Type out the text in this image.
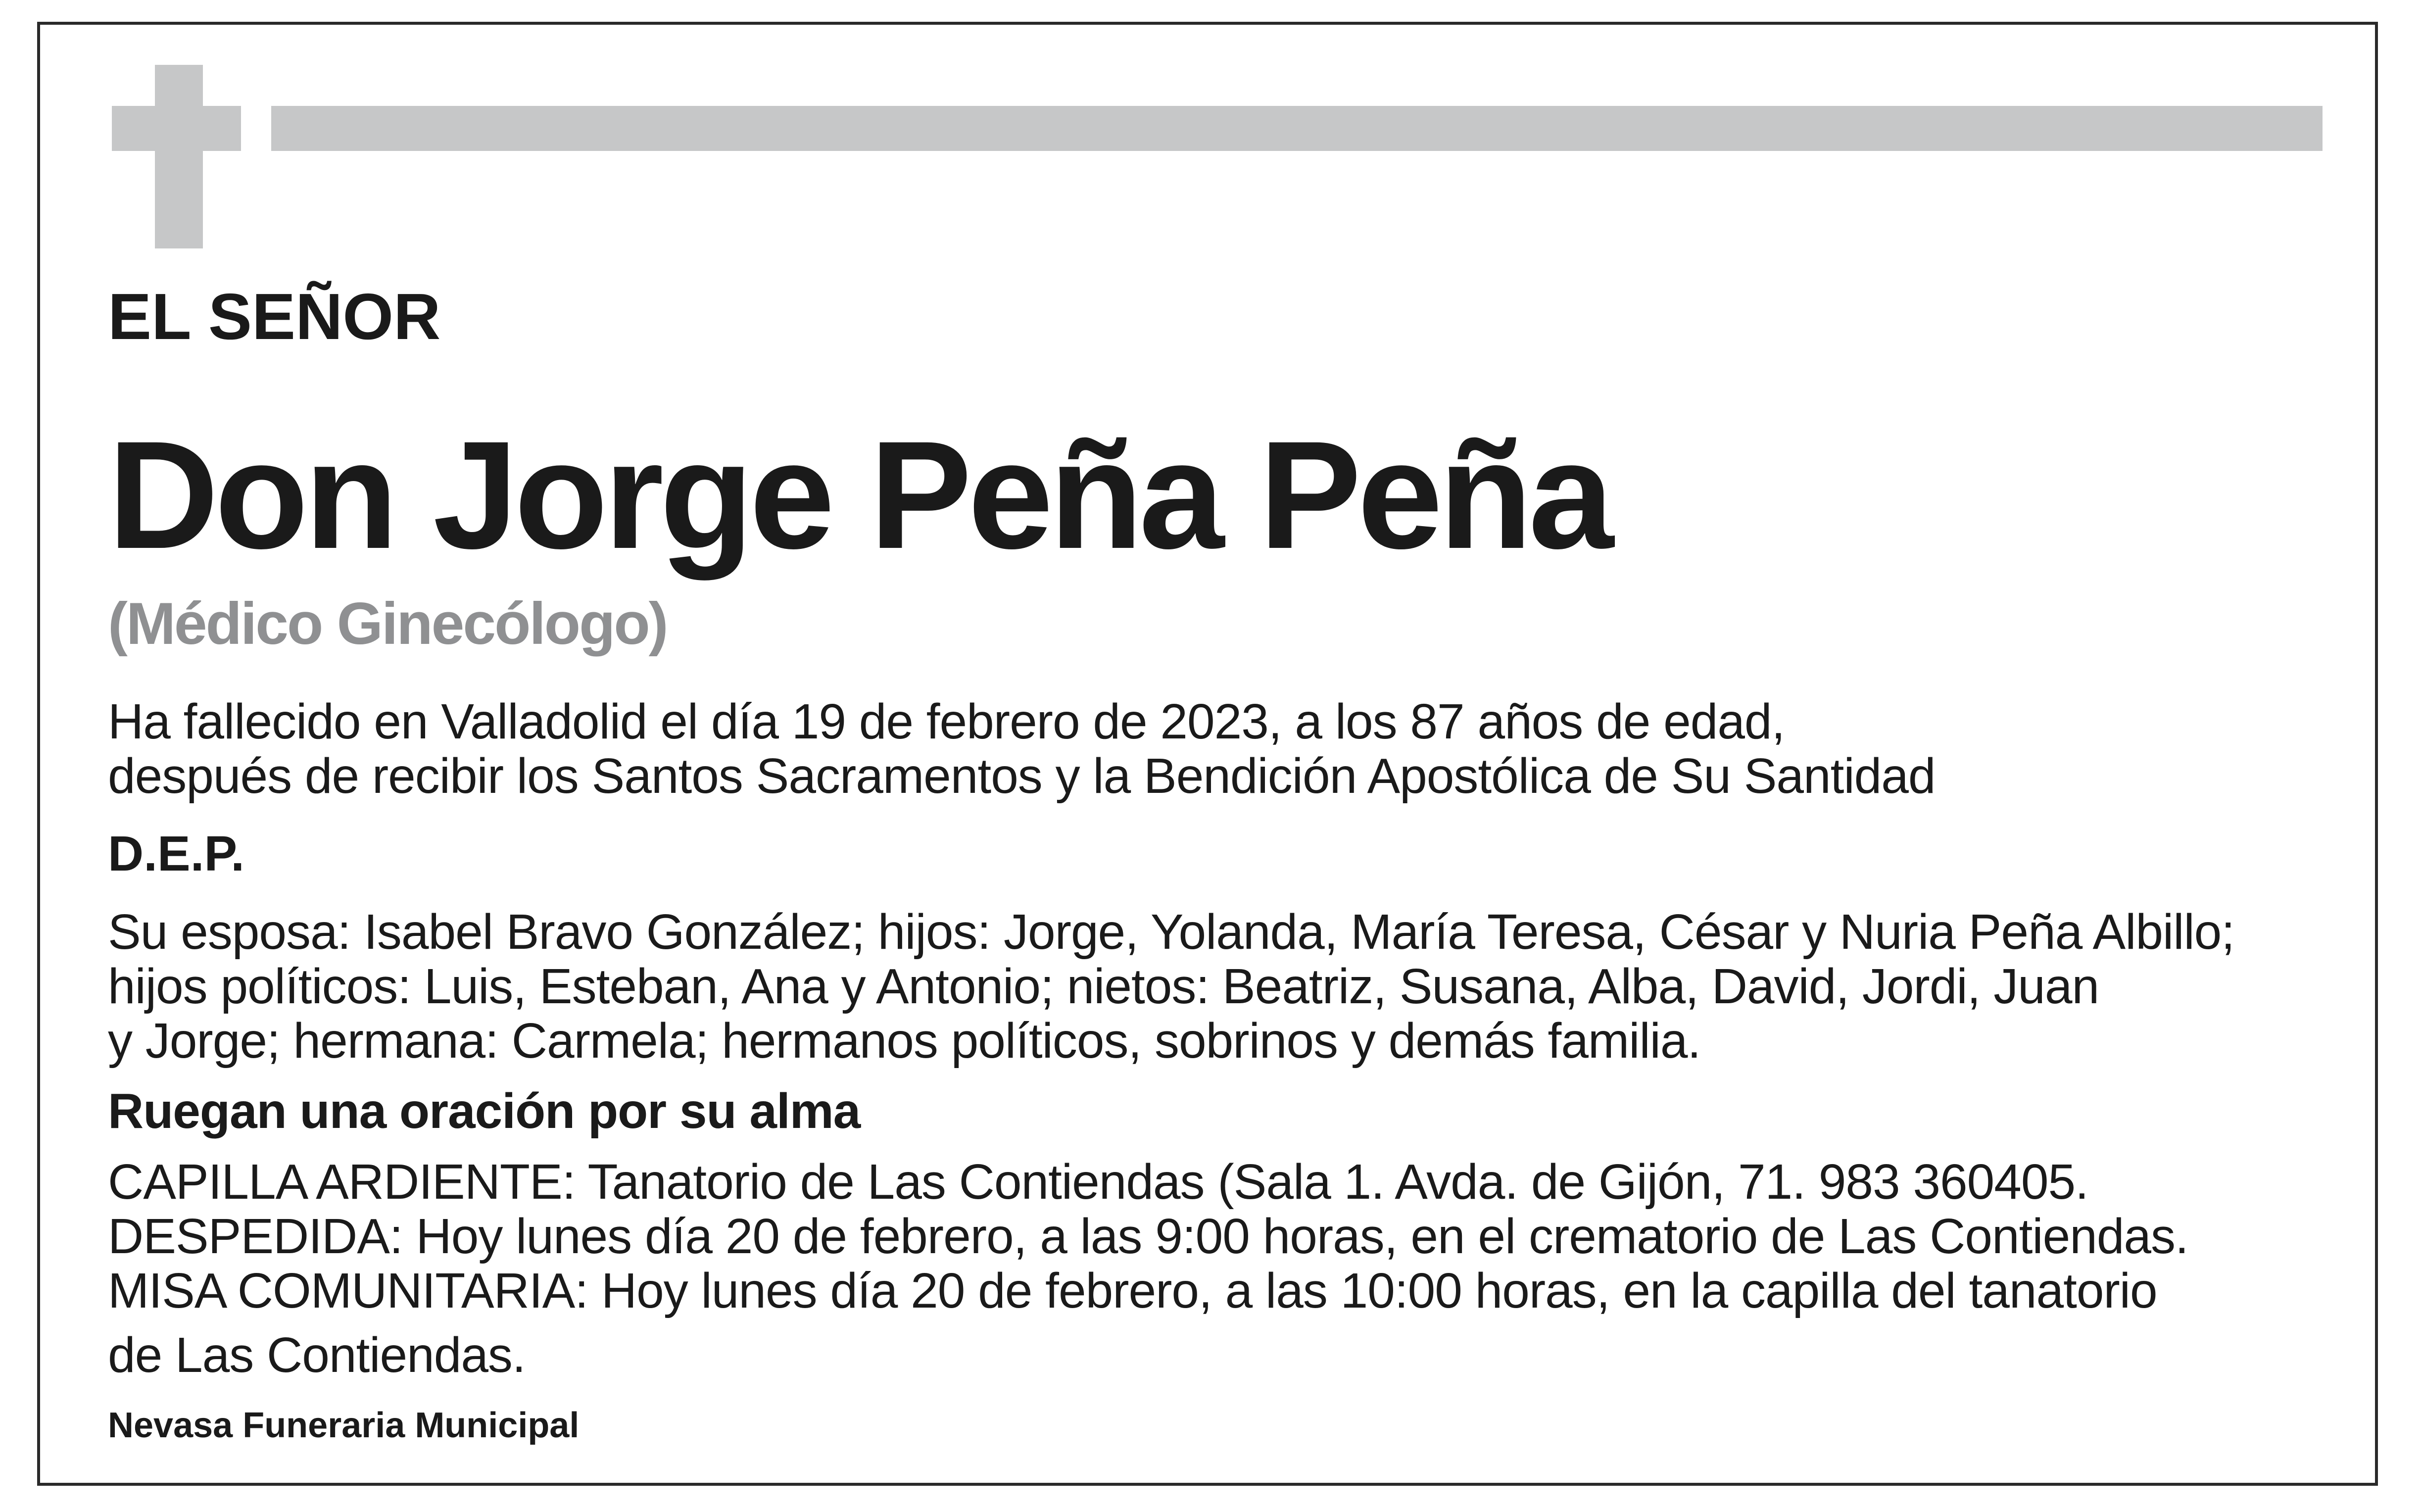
EL SEÑOR

Don Jorge Peña Peña

(Médico Ginecólogo)

Ha fallecido en Valladolid el día 19 de febrero de 2023, a los 87 años de edad,

después de recibir los Santos Sacramentos y la Bendición Apostólica de Su Santidad

D.E.P.

Su esposa: Isabel Bravo González; hijos: Jorge, Yolanda, María Teresa, César y Nuria Peña Albillo;

hijos políticos: Luis, Esteban, Ana y Antonio; nietos: Beatriz, Susana, Alba, David, Jordi, Juan

y Jorge; hermana: Carmela; hermanos políticos, sobrinos y demás familia.

Ruegan una oración por su alma

CAPILLA ARDIENTE: Tanatorio de Las Contiendas (Sala 1. Avda. de Gijón, 71. 983 360405.

DESPEDIDA: Hoy lunes día 20 de febrero, a las 9:00 horas, en el crematorio de Las Contiendas.

MISA COMUNITARIA: Hoy lunes día 20 de febrero, a las 10:00 horas, en la capilla del tanatorio

de Las Contiendas.

Nevasa Funeraria Municipal
